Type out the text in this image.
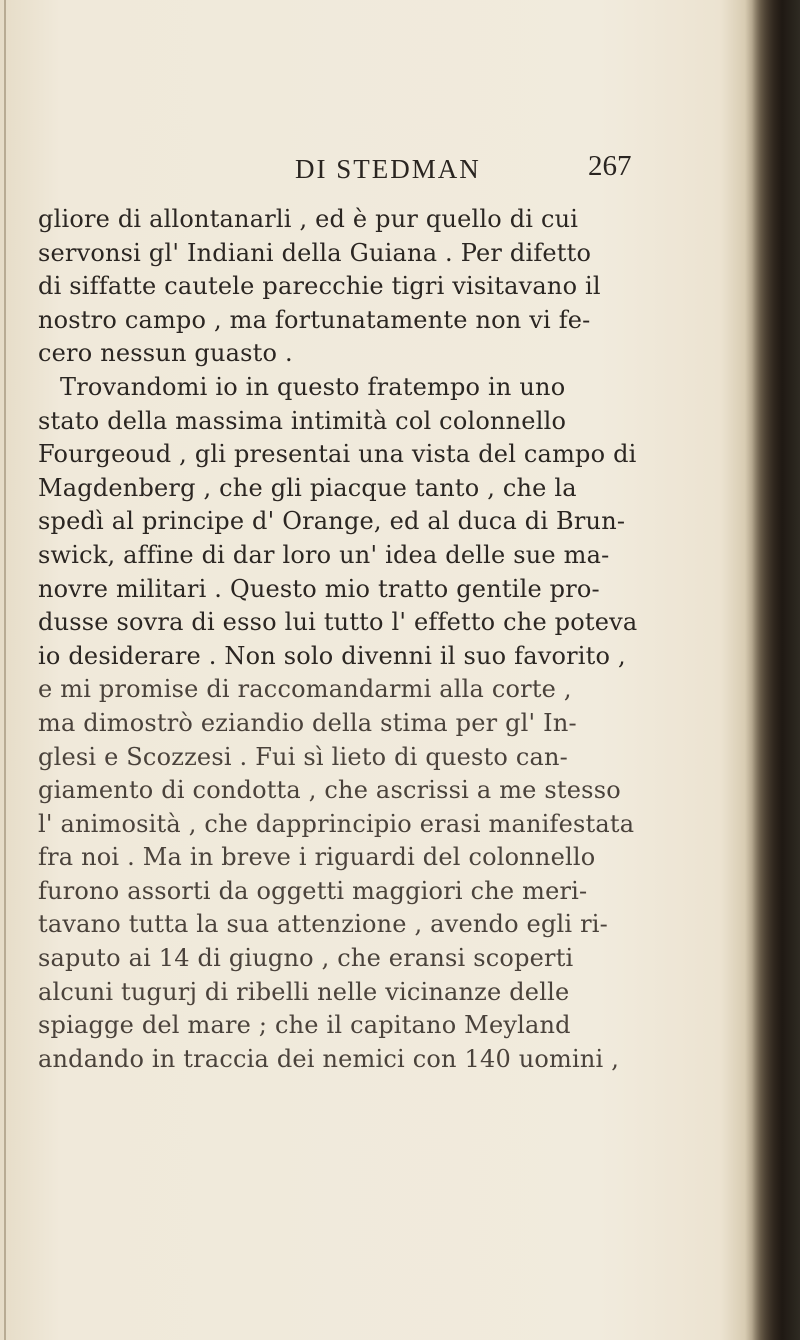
DI STEDMAN	267
gliore di allontanarli , ed è pur quello di cui
servonsi gl' Indiani della Guiana . Per difetto
di siffatte cautele parecchie tigri visitavano il
nostro campo , ma fortunatamente non vi fe-
cero nessun guasto .
Trovandomi io in questo fratempo in uno
stato della massima intimità col colonnello
Fourgeoud , gli presentai una vista del campo di
Magdenberg , che gli piacque tanto , che la
spedì al principe d' Orange, ed al duca di Brun-
swick, affine di dar loro un' idea delle sue ma-
novre militari . Questo mio tratto gentile pro-
dusse sovra di esso lui tutto l' effetto che poteva
io desiderare . Non solo divenni il suo favorito ,
e mi promise di raccomandarmi alla corte ,
ma dimostrò eziandio della stima per gl' In-
glesi e Scozzesi . Fui sì lieto di questo can-
giamento di condotta , che ascrissi a me stesso
l' animosità , che dapprincipio erasi manifestata
fra noi . Ma in breve i riguardi del colonnello
furono assorti da oggetti maggiori che meri-
tavano tutta la sua attenzione , avendo egli ri-
saputo ai 14 di giugno , che eransi scoperti
alcuni tugurj di ribelli nelle vicinanze delle
spiagge del mare ; che il capitano Meyland
andando in traccia dei nemici con 140 uomini ,
